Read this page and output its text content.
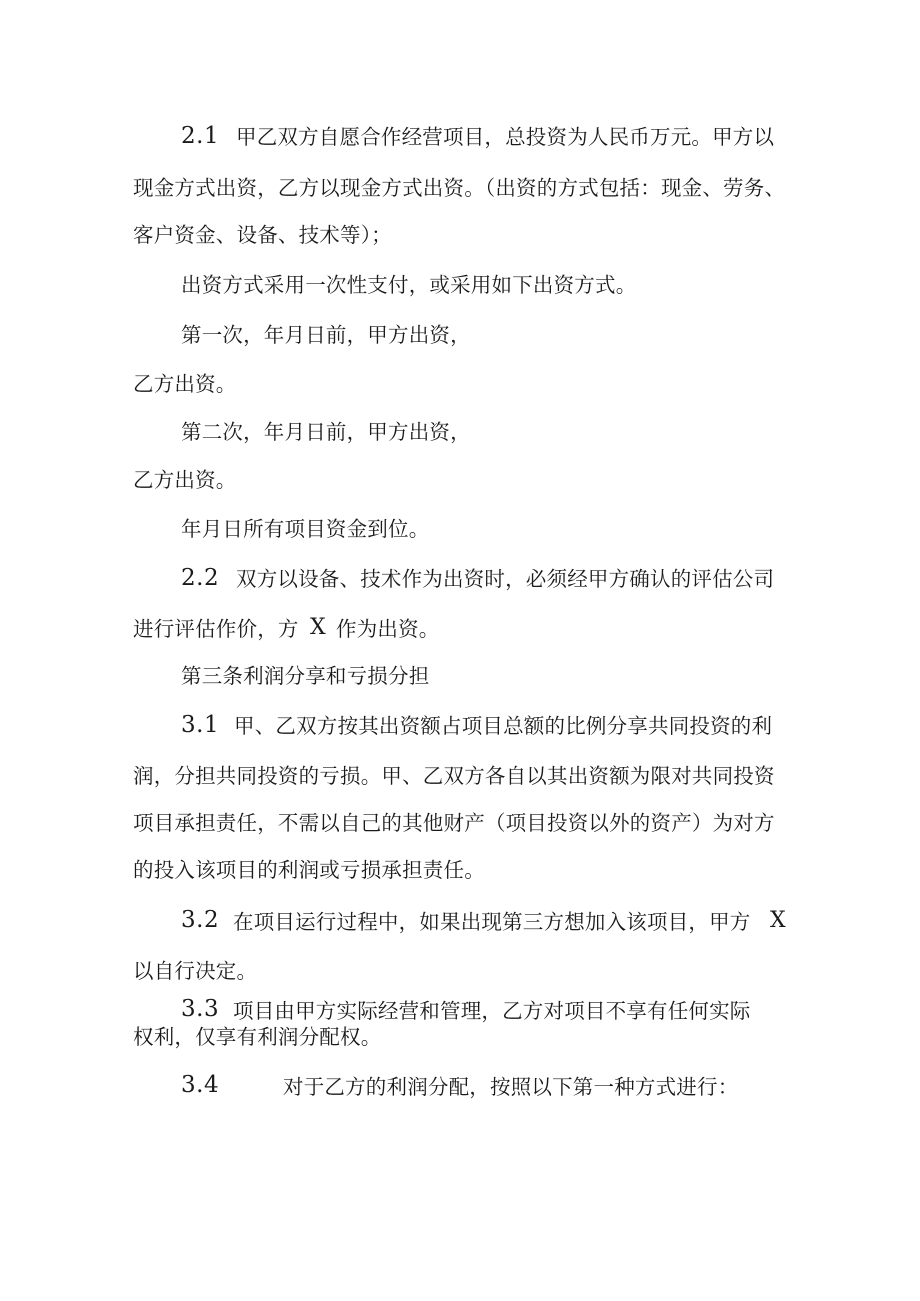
2.1 甲乙双方自愿合作经营项目，总投资为人民币万元。甲方以
现金方式出资，乙方以现金方式出资。（出资的方式包括：现金、劳务、
客户资金、设备、技术等）；
出资方式采用一次性支付，或采用如下出资方式。
第一次，年月日前，甲方出资，
乙方出资。
第二次，年月日前，甲方出资，
乙方出资。
年月日所有项目资金到位。
2.2 双方以设备、技术作为出资时，必须经甲方确认的评估公司
进行评估作价，方 X 作为出资。
第三条利润分享和亏损分担
3.1 甲、乙双方按其出资额占项目总额的比例分享共同投资的利
润，分担共同投资的亏损。甲、乙双方各自以其出资额为限对共同投资
项目承担责任，不需以自己的其他财产（项目投资以外的资产）为对方
的投入该项目的利润或亏损承担责任。
3.2 在项目运行过程中，如果出现第三方想加入该项目，甲方 X
以自行决定。
3.3 项目由甲方实际经营和管理，乙方对项目不享有任何实际
权利，仅享有利润分配权。
3.4	对于乙方的利润分配，按照以下第一种方式进行：
